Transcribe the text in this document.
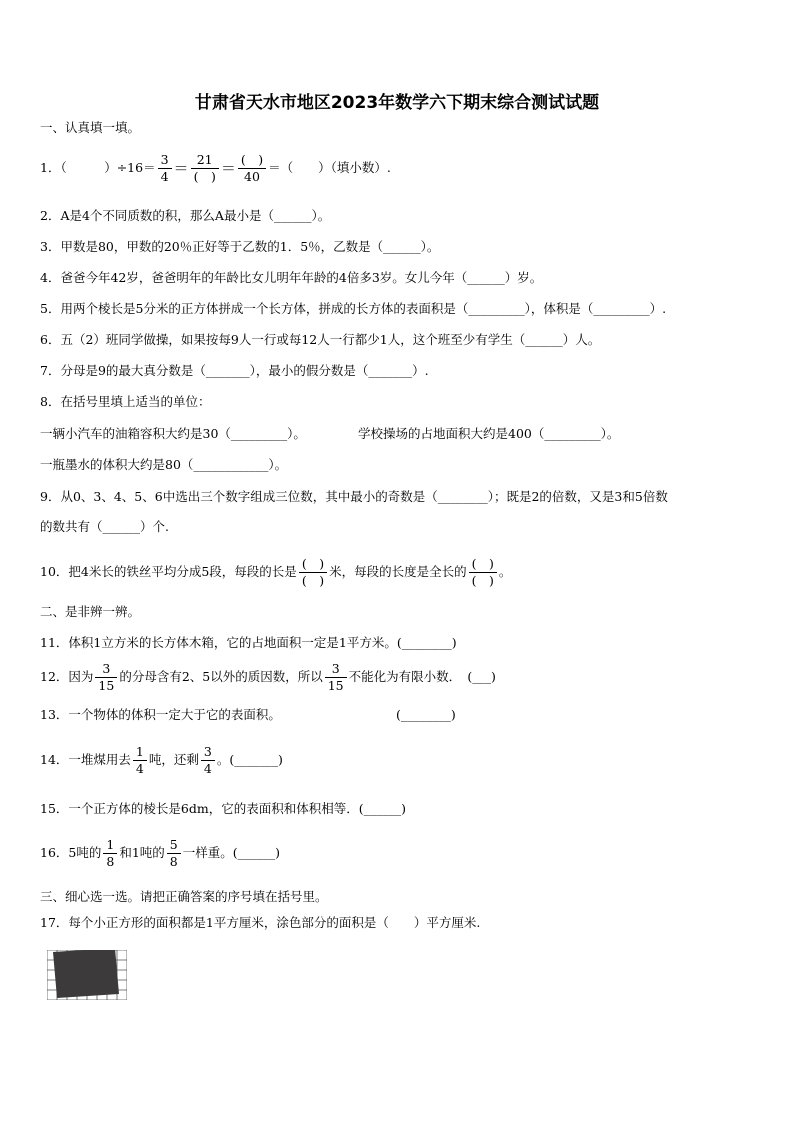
甘肃省天水市地区2023年数学六下期末综合测试试题
一、认真填一填。
1．（　　　）$\div 16= \frac{3}{4} = \frac{21}{( )} = \frac{( )}{40}$ ＝（　　）（填小数）.
2．A是4个不同质数的积，那么A最小是（______）。
3．甲数是80，甲数的20％正好等于乙数的1．5％，乙数是（______）。
4．爸爸今年42岁，爸爸明年的年龄比女儿明年年龄的4倍多3岁。女儿今年（______）岁。
5．用两个棱长是5分米的正方体拼成一个长方体，拼成的长方体的表面积是（_________），体积是（_________）.
6．五（2）班同学做操，如果按每9人一行或每12人一行都少1人，这个班至少有学生（______）人。
7．分母是9的最大真分数是（_______），最小的假分数是（_______）.
8．在括号里填上适当的单位：
一辆小汽车的油箱容积大约是30（_________）。	学校操场的占地面积大约是400（_________）。
一瓶墨水的体积大约是80（____________）。
9．从0、3、4、5、6中选出三个数字组成三位数，其中最小的奇数是（________）；既是2的倍数，又是3和5倍数
的数共有（______）个.
10．把4米长的铁丝平均分成5段，每段的长是 $\frac{( )}{( )}$ 米，每段的长度是全长的 $\frac{( )}{( )}$ 。
二、是非辨一辨。
11．体积1立方米的长方体木箱，它的占地面积一定是1平方米。(________)
12．因为 $\frac{3}{15}$ 的分母含有2、5以外的质因数，所以 $\frac{3}{15}$ 不能化为有限小数．　(___)
13．一个物体的体积一定大于它的表面积。	(________)
14．一堆煤用去 $\frac{1}{4}$ 吨，还剩 $\frac{3}{4}$ 。(_______)
15．一个正方体的棱长是6dm，它的表面积和体积相等．(______)
16．5吨的 $\frac{1}{8}$ 和1吨的 $\frac{5}{8}$ 一样重。(______)
三、细心选一选。请把正确答案的序号填在括号里。
17．每个小正方形的面积都是1平方厘米，涂色部分的面积是（　　）平方厘米.
